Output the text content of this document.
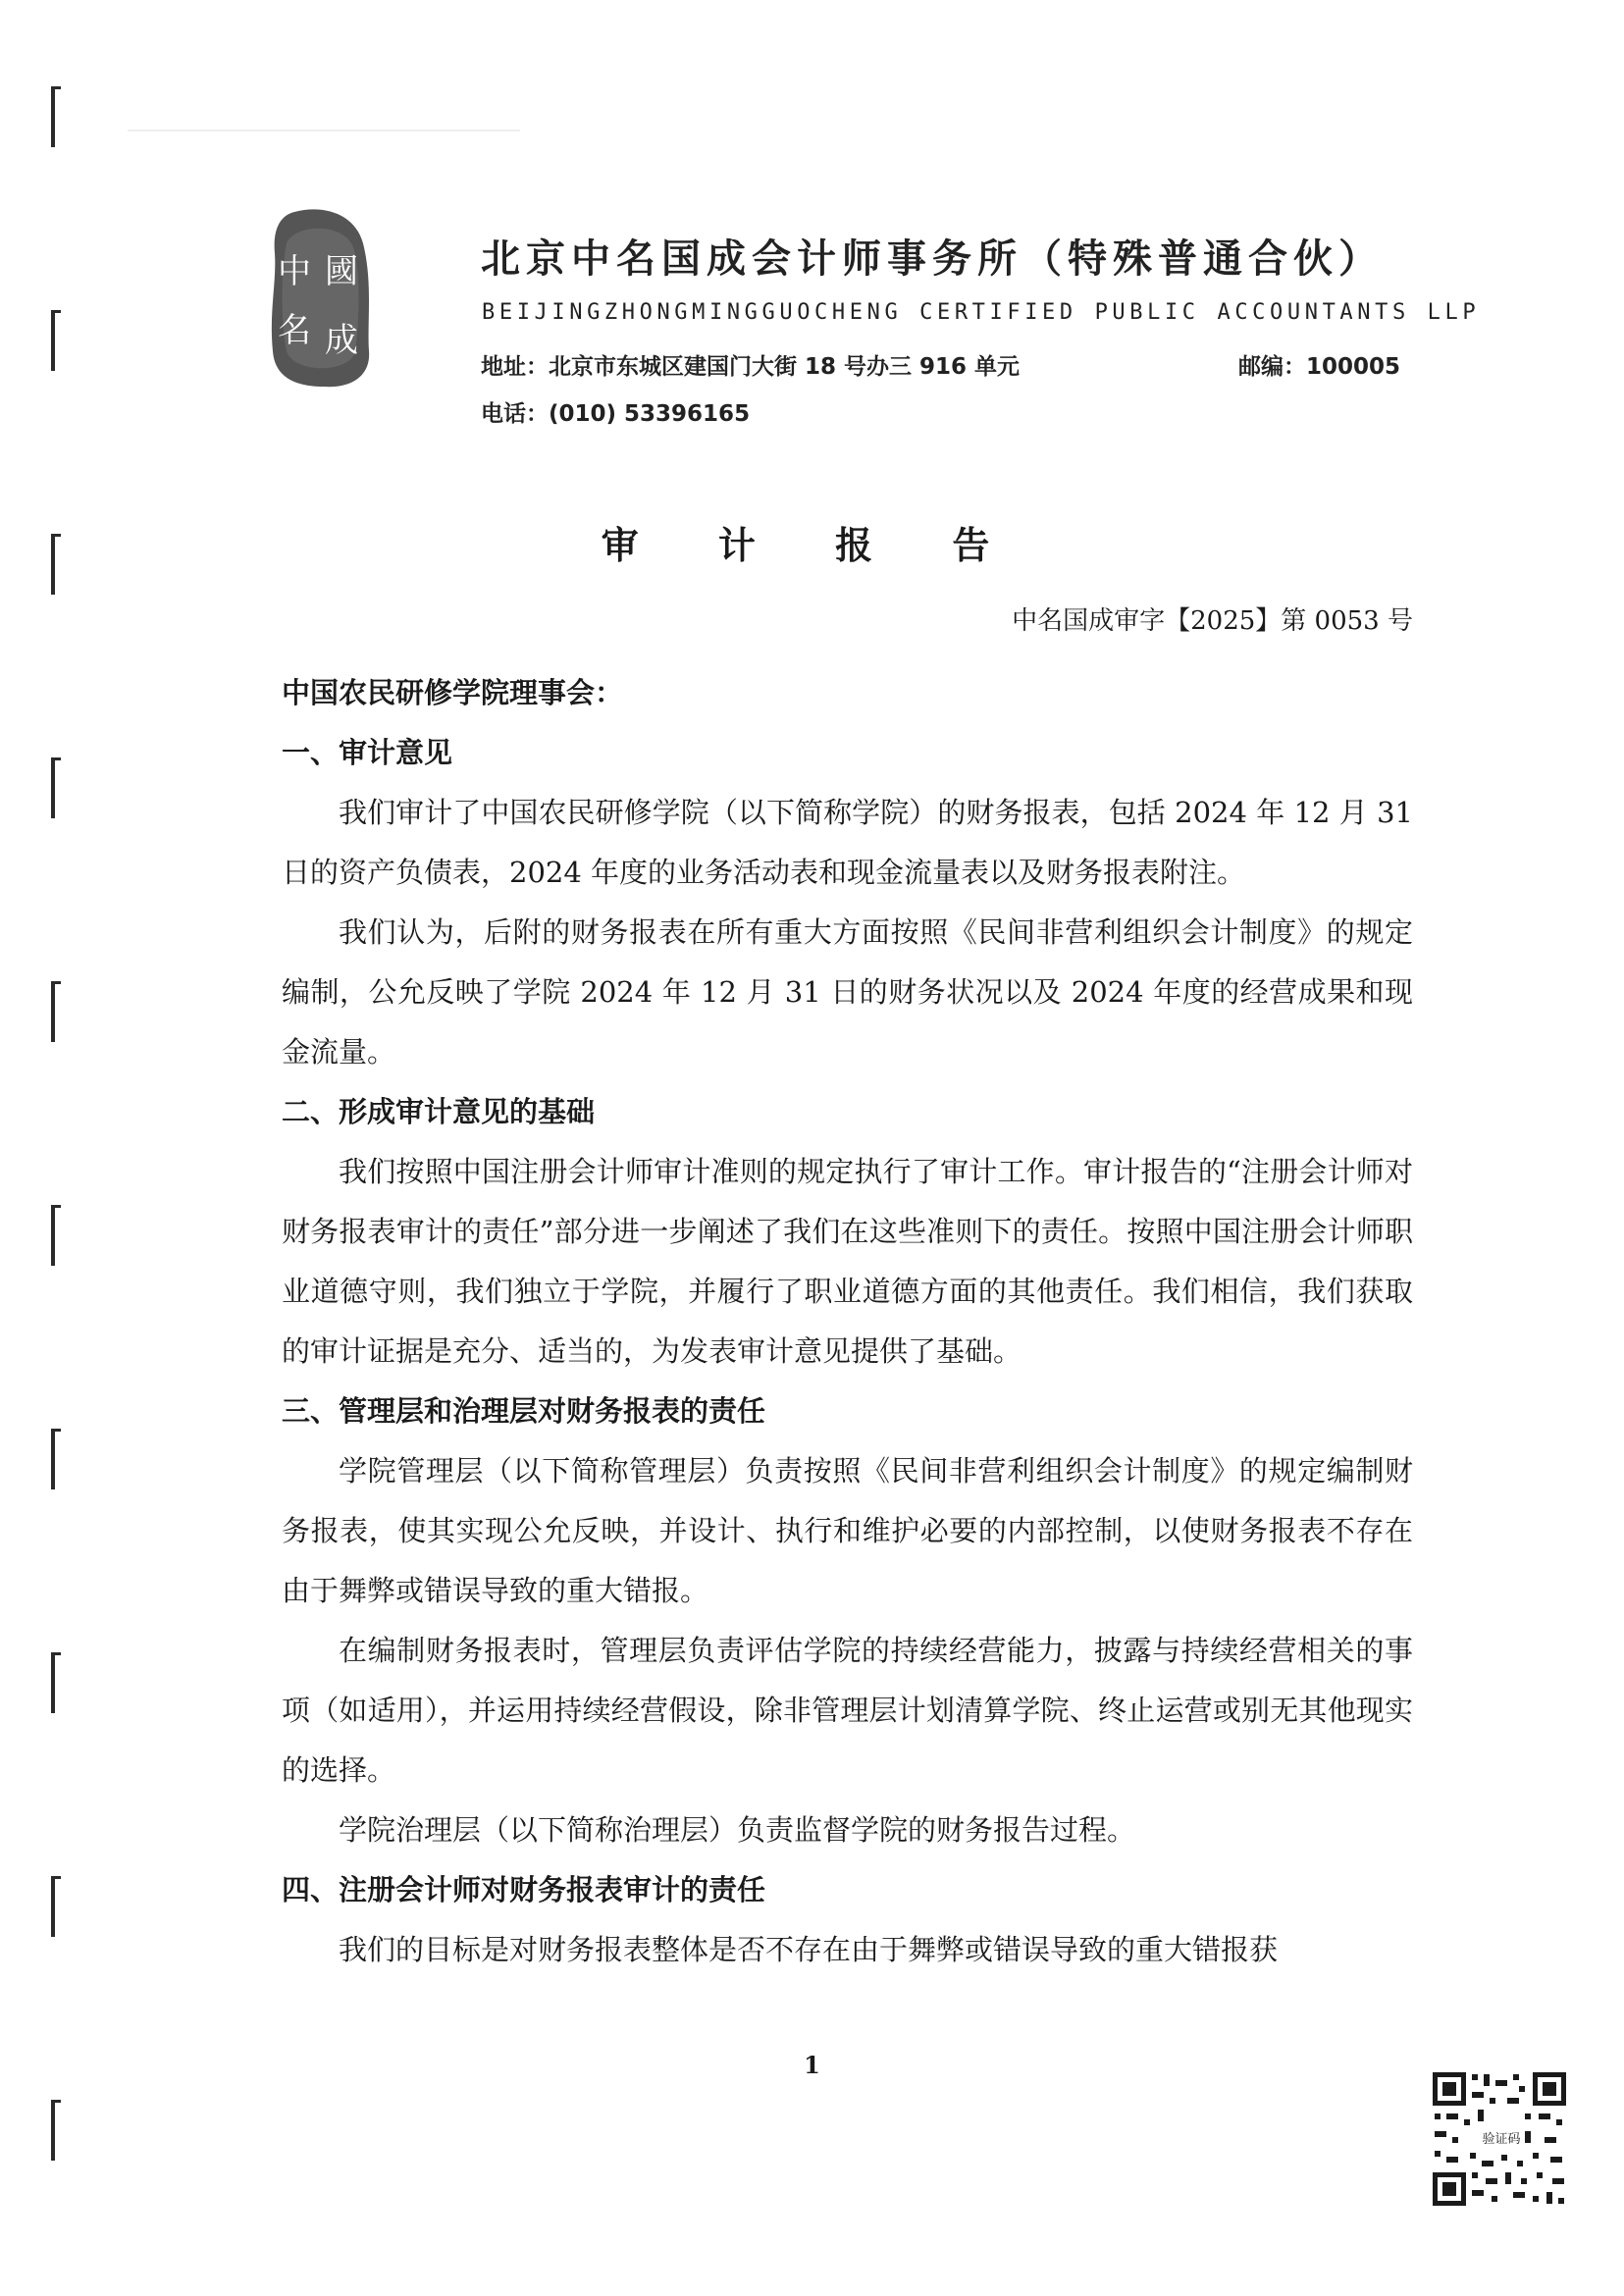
中
名
國
成
北京中名国成会计师事务所（特殊普通合伙）
BEIJINGZHONGMINGGUOCHENG CERTIFIED PUBLIC ACCOUNTANTS LLP
地址：北京市东城区建国门大街 18 号办三 916 单元	邮编：100005
电话：(010) 53396165
审 计 报 告
中名国成审字【2025】第 0053 号

中国农民研修学院理事会：

一、审计意见

我们审计了中国农民研修学院（以下简称学院）的财务报表，包括 2024 年 12 月 31 日的资产负债表，2024 年度的业务活动表和现金流量表以及财务报表附注。

我们认为，后附的财务报表在所有重大方面按照《民间非营利组织会计制度》的规定编制，公允反映了学院 2024 年 12 月 31 日的财务状况以及 2024 年度的经营成果和现金流量。

二、形成审计意见的基础

我们按照中国注册会计师审计准则的规定执行了审计工作。审计报告的“注册会计师对财务报表审计的责任”部分进一步阐述了我们在这些准则下的责任。按照中国注册会计师职业道德守则，我们独立于学院，并履行了职业道德方面的其他责任。我们相信，我们获取的审计证据是充分、适当的，为发表审计意见提供了基础。

三、管理层和治理层对财务报表的责任

学院管理层（以下简称管理层）负责按照《民间非营利组织会计制度》的规定编制财务报表，使其实现公允反映，并设计、执行和维护必要的内部控制，以使财务报表不存在由于舞弊或错误导致的重大错报。

在编制财务报表时，管理层负责评估学院的持续经营能力，披露与持续经营相关的事项（如适用），并运用持续经营假设，除非管理层计划清算学院、终止运营或别无其他现实的选择。

学院治理层（以下简称治理层）负责监督学院的财务报告过程。

四、注册会计师对财务报表审计的责任

我们的目标是对财务报表整体是否不存在由于舞弊或错误导致的重大错报获

1
验证码
